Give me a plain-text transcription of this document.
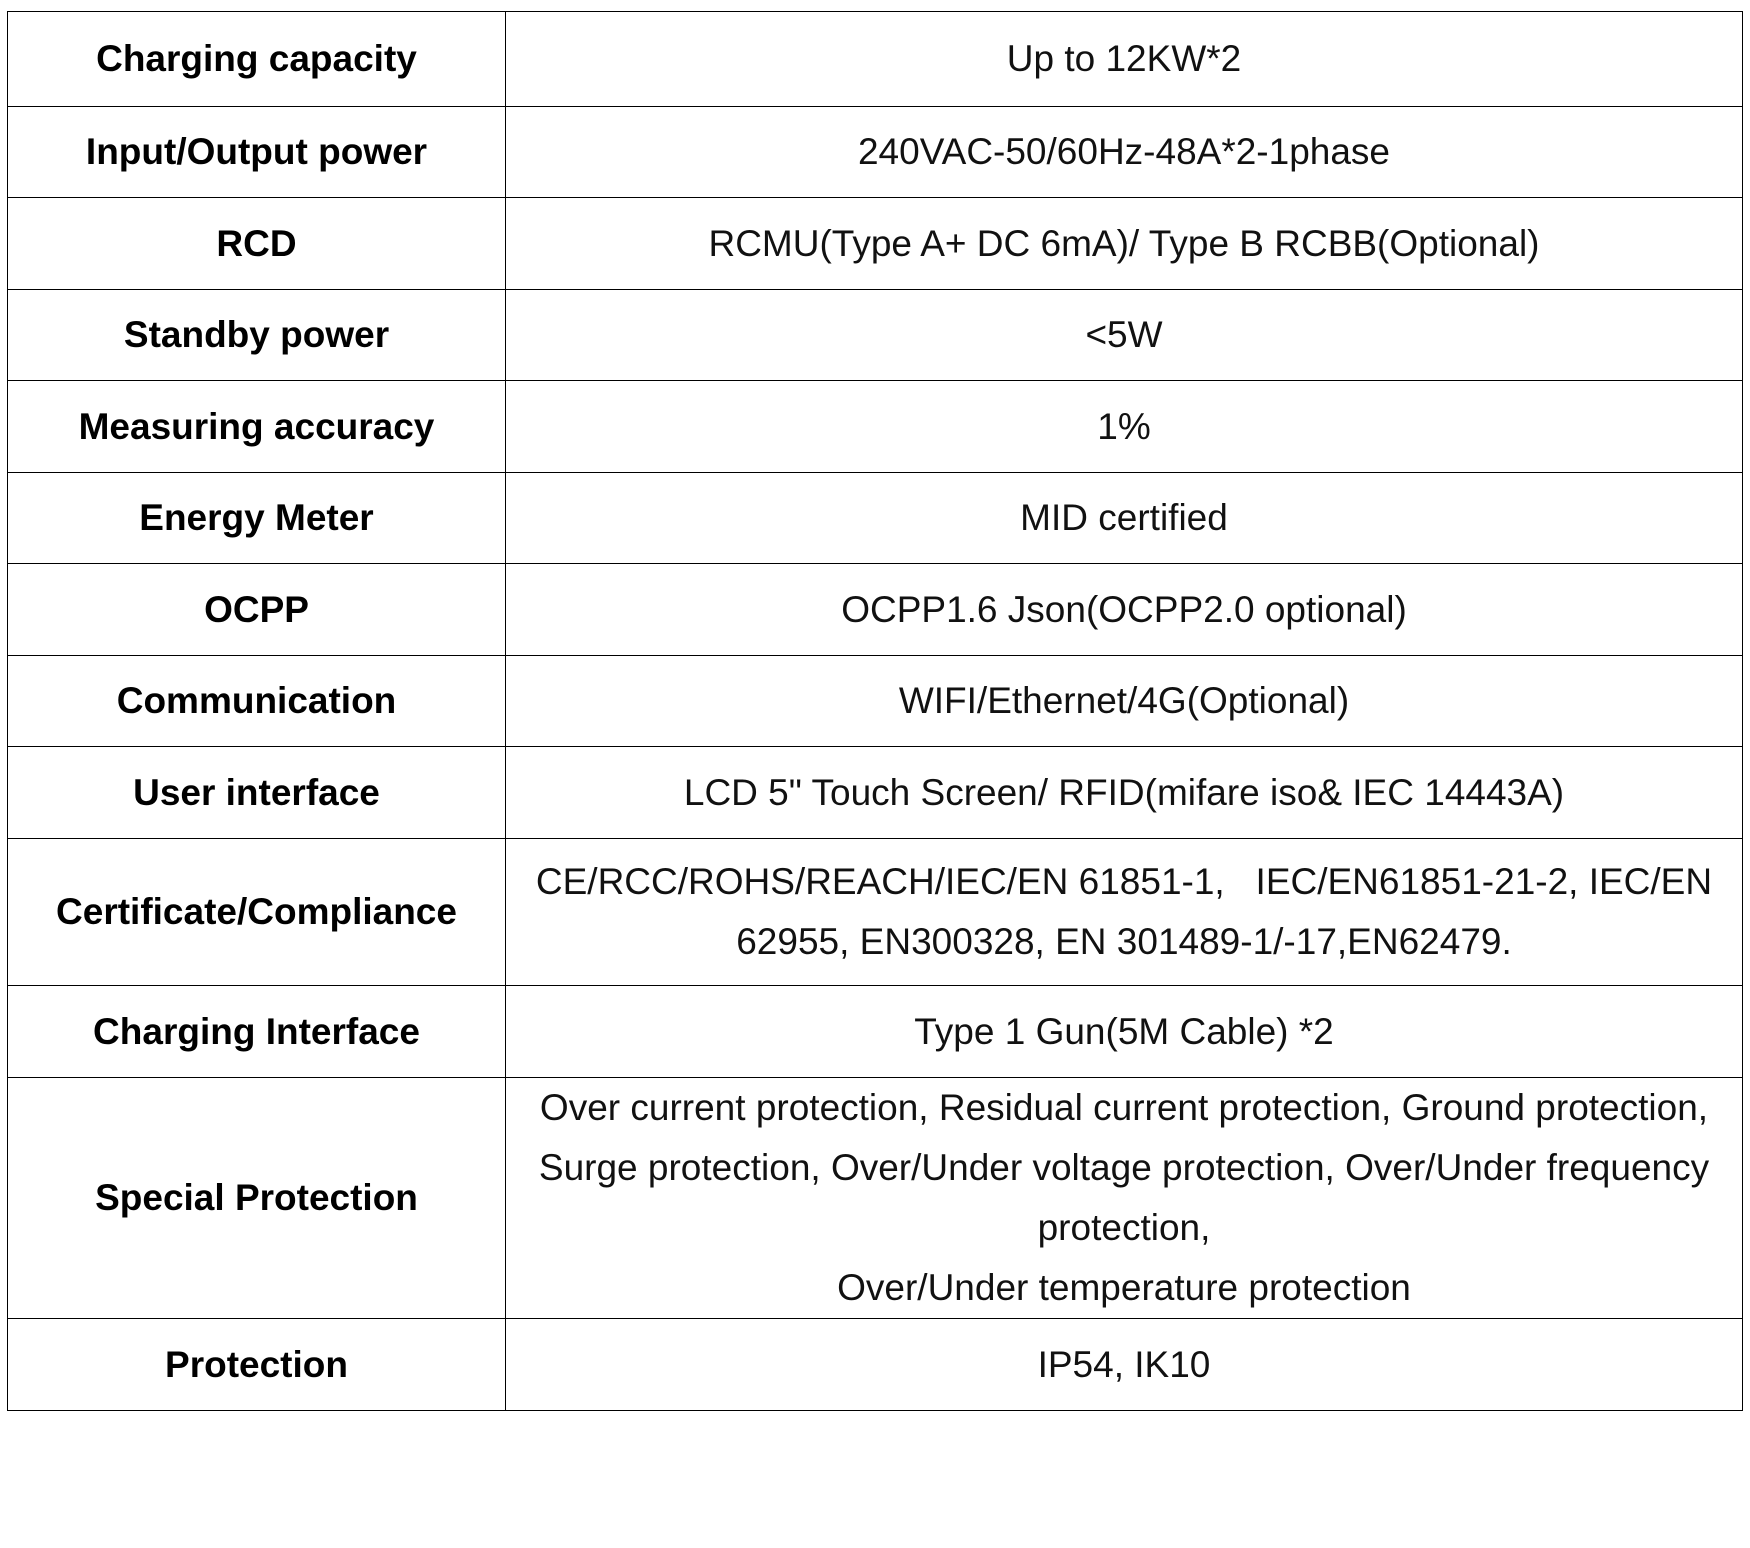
Charging capacity	Up to 12KW*2
Input/Output power	240VAC-50/60Hz-48A*2-1phase
RCD	RCMU(Type A+ DC 6mA)/ Type B RCBB(Optional)
Standby power	<5W
Measuring accuracy	1%
Energy Meter	MID certified
OCPP	OCPP1.6 Json(OCPP2.0 optional)
Communication	WIFI/Ethernet/4G(Optional)
User interface	LCD 5" Touch Screen/ RFID(mifare iso& IEC 14443A)
Certificate/Compliance	CE/RCC/ROHS/REACH/IEC/EN 61851-1,   IEC/EN61851-21-2, IEC/EN
62955, EN300328, EN 301489-1/-17,EN62479.

Charging Interface	Type 1 Gun(5M Cable) *2
Special Protection	Over current protection, Residual current protection, Ground protection,
Surge protection, Over/Under voltage protection, Over/Under frequency
protection,
Over/Under temperature protection

Protection	IP54, IK10
